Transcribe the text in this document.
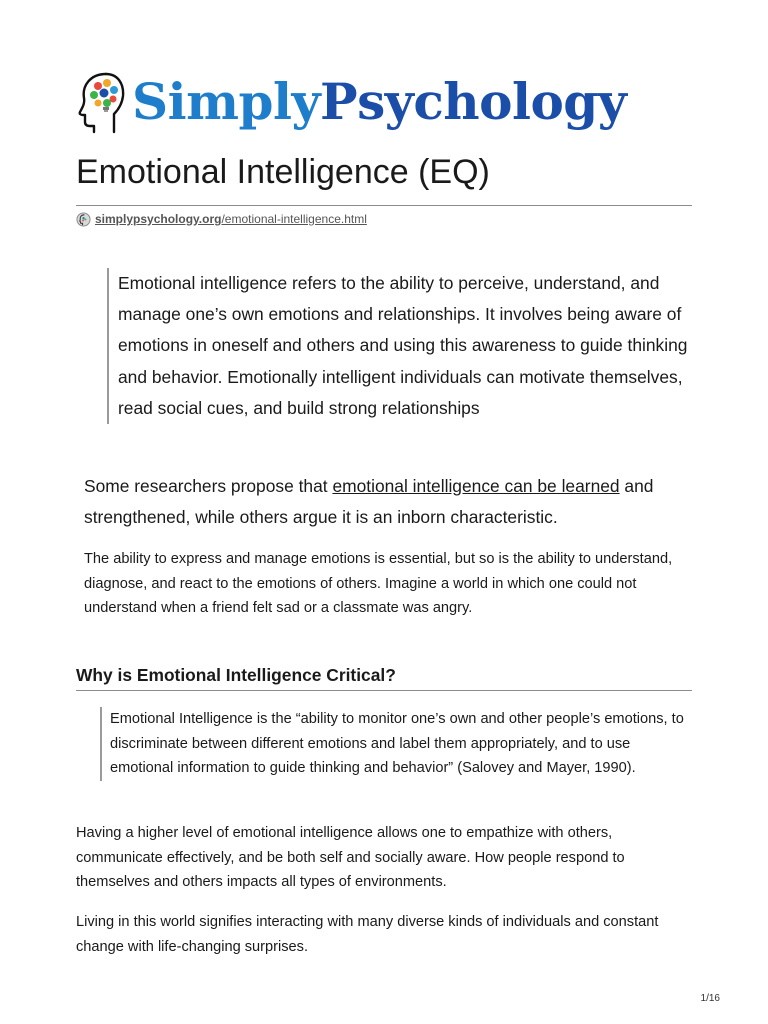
SimplyPsychology
Emotional Intelligence (EQ)
simplypsychology.org /emotional-intelligence.html
Emotional intelligence refers to the ability to perceive, understand, and manage one’s own emotions and relationships. It involves being aware of emotions in oneself and others and using this awareness to guide thinking and behavior. Emotionally intelligent individuals can motivate themselves, read social cues, and build strong relationships

Some researchers propose that emotional intelligence can be learned and strengthened, while others argue it is an inborn characteristic.

The ability to express and manage emotions is essential, but so is the ability to understand, diagnose, and react to the emotions of others. Imagine a world in which one could not understand when a friend felt sad or a classmate was angry.

Why is Emotional Intelligence Critical?
Emotional Intelligence is the “ability to monitor one’s own and other people’s emotions, to discriminate between different emotions and label them appropriately, and to use emotional information to guide thinking and behavior” (Salovey and Mayer, 1990).

Having a higher level of emotional intelligence allows one to empathize with others, communicate effectively, and be both self and socially aware. How people respond to themselves and others impacts all types of environments.

Living in this world signifies interacting with many diverse kinds of individuals and constant change with life-changing surprises.

1/16
